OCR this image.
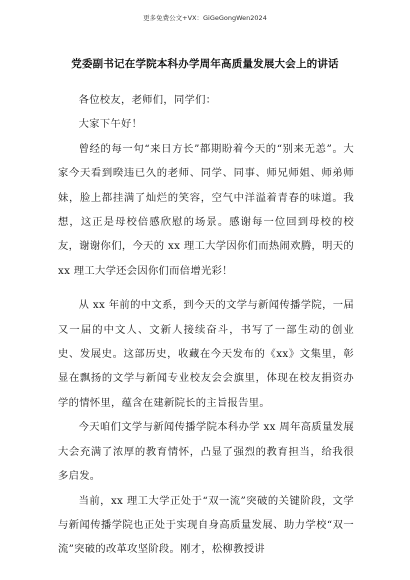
更多免费公文+VX：GiGeGongWen2024
党委副书记在学院本科办学周年高质量发展大会上的讲话

各位校友，老师们，同学们：

大家下午好！

曾经的每一句“来日方长”都期盼着今天的“别来无恙”。大家今天看到暌违已久的老师、同学、同事、师兄师姐、师弟师妹，脸上都挂满了灿烂的笑容，空气中洋溢着青春的味道。我想，这正是母校倍感欣慰的场景。感谢每一位回到母校的校友，谢谢你们，今天的 xx 理工大学因你们而热闹欢腾，明天的 xx 理工大学还会因你们而倍增光彩！

从 xx 年前的中文系，到今天的文学与新闻传播学院，一届又一届的中文人、文新人接续奋斗，书写了一部生动的创业史、发展史。这部历史，收藏在今天发布的《xx》文集里，彰显在飘扬的文学与新闻专业校友会会旗里，体现在校友捐资办学的情怀里，蕴含在建新院长的主旨报告里。

今天咱们文学与新闻传播学院本科办学 xx 周年高质量发展大会充满了浓厚的教育情怀，凸显了强烈的教育担当，给我很多启发。

当前，xx 理工大学正处于“双一流”突破的关键阶段，文学与新闻传播学院也正处于实现自身高质量发展、助力学校“双一流”突破的改革攻坚阶段。刚才，松柳教授讲
